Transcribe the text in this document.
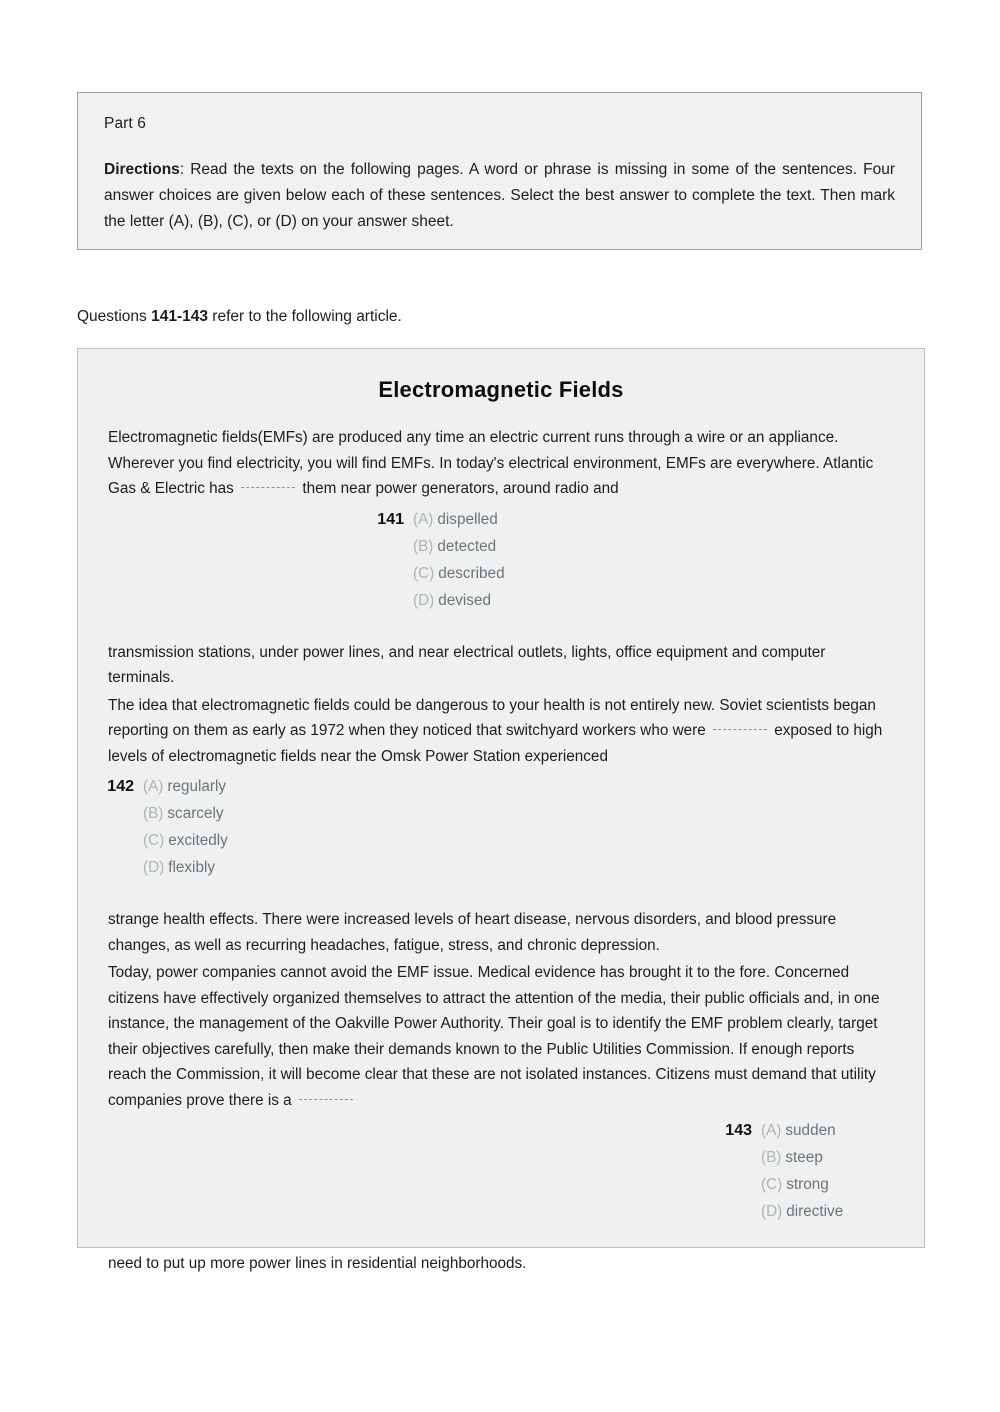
Part 6

Directions: Read the texts on the following pages. A word or phrase is missing in some of the sentences. Four answer choices are given below each of these sentences. Select the best answer to complete the text. Then mark the letter (A), (B), (C), or (D) on your answer sheet.

Questions 141-143 refer to the following article.
Electromagnetic Fields

Electromagnetic fields(EMFs) are produced any time an electric current runs through a wire or an appliance. Wherever you find electricity, you will find EMFs. In today's electrical environment, EMFs are everywhere. Atlantic Gas & Electric has	them near power generators, around radio and

141 (A) dispelled
(B) detected
(C) described
(D) devised

transmission stations, under power lines, and near electrical outlets, lights, office equipment and computer terminals.

The idea that electromagnetic fields could be dangerous to your health is not entirely new. Soviet scientists began reporting on them as early as 1972 when they noticed that switchyard workers who were	exposed to high levels of electromagnetic fields near the Omsk Power Station experienced

142 (A) regularly
(B) scarcely
(C) excitedly
(D) flexibly

strange health effects. There were increased levels of heart disease, nervous disorders, and blood pressure changes, as well as recurring headaches, fatigue, stress, and chronic depression.

Today, power companies cannot avoid the EMF issue. Medical evidence has brought it to the fore. Concerned citizens have effectively organized themselves to attract the attention of the media, their public officials and, in one instance, the management of the Oakville Power Authority. Their goal is to identify the EMF problem clearly, target their objectives carefully, then make their demands known to the Public Utilities Commission. If enough reports reach the Commission, it will become clear that these are not isolated instances. Citizens must demand that utility companies prove there is a

143 (A) sudden
(B) steep
(C) strong
(D) directive

need to put up more power lines in residential neighborhoods.
